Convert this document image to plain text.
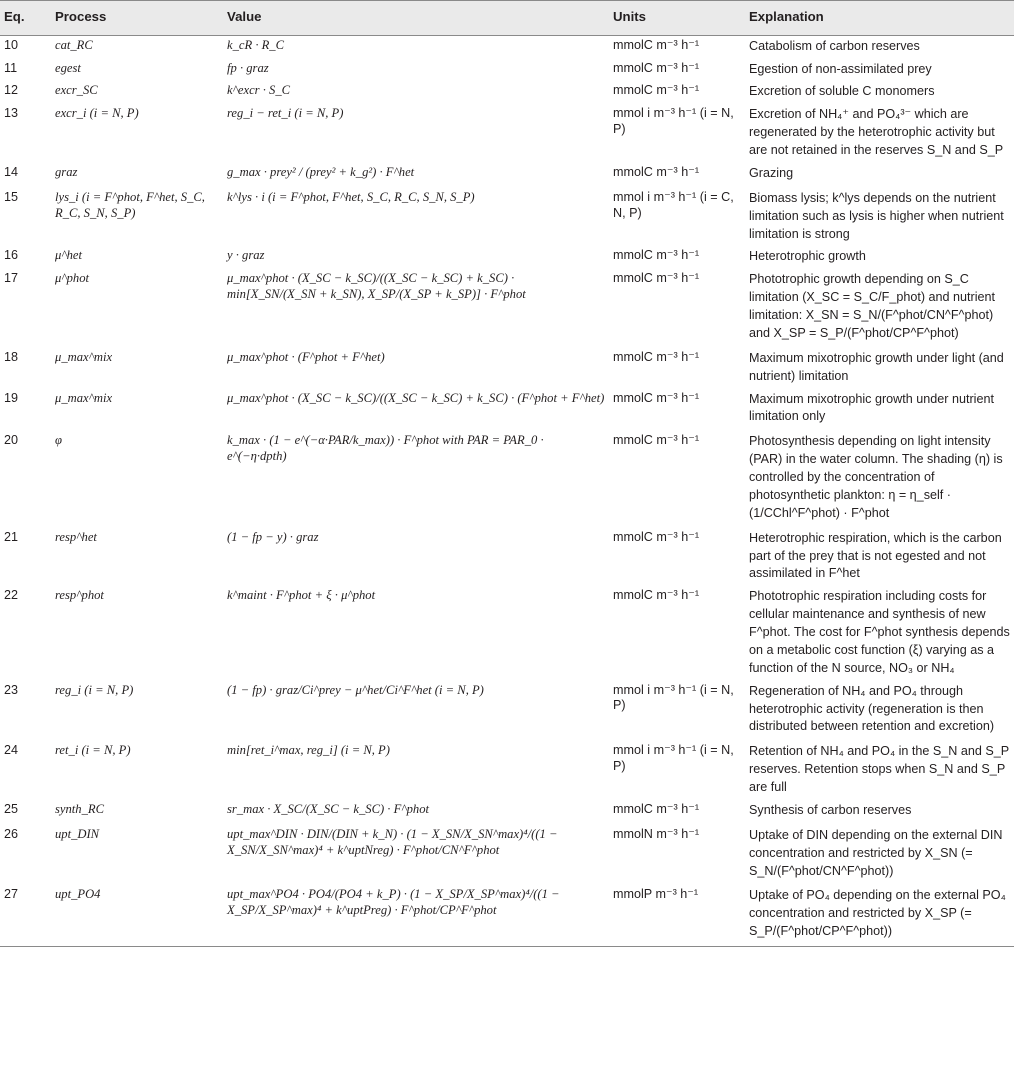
Eq.	Process	Value	Units	Explanation
10	cat_RC	k_cR · R_C	mmolC m⁻³ h⁻¹	Catabolism of carbon reserves
11	egest	fp · graz	mmolC m⁻³ h⁻¹	Egestion of non-assimilated prey
12	excr_SC	k^excr · S_C	mmolC m⁻³ h⁻¹	Excretion of soluble C monomers
13	excr_i (i = N, P)	reg_i − ret_i (i = N, P)	mmol i m⁻³ h⁻¹ (i = N, P)	Excretion of NH₄⁺ and PO₄³⁻ which are regenerated by the heterotrophic activity but are not retained in the reserves S_N and S_P
14	graz	g_max · prey² / (prey² + k_g²) · F^het	mmolC m⁻³ h⁻¹	Grazing
15	lys_i (i = F^phot, F^het, S_C, R_C, S_N, S_P)	k^lys · i (i = F^phot, F^het, S_C, R_C, S_N, S_P)	mmol i m⁻³ h⁻¹ (i = C, N, P)	Biomass lysis; k^lys depends on the nutrient limitation such as lysis is higher when nutrient limitation is strong
16	μ^het	y · graz	mmolC m⁻³ h⁻¹	Heterotrophic growth
17	μ^phot	μ_max^phot · (X_SC − k_SC)/((X_SC − k_SC) + k_SC) · min[X_SN/(X_SN + k_SN), X_SP/(X_SP + k_SP)] · F^phot	mmolC m⁻³ h⁻¹	Phototrophic growth depending on S_C limitation (X_SC = S_C/F_phot) and nutrient limitation: X_SN = S_N/(F^phot/CN^F^phot) and X_SP = S_P/(F^phot/CP^F^phot)
18	μ_max^mix	μ_max^phot · (F^phot + F^het)	mmolC m⁻³ h⁻¹	Maximum mixotrophic growth under light (and nutrient) limitation
19	μ_max^mix	μ_max^phot · (X_SC − k_SC)/((X_SC − k_SC) + k_SC) · (F^phot + F^het)	mmolC m⁻³ h⁻¹	Maximum mixotrophic growth under nutrient limitation only
20	φ	k_max · (1 − e^(−α·PAR/k_max)) · F^phot with PAR = PAR_0 · e^(−η·dpth)	mmolC m⁻³ h⁻¹	Photosynthesis depending on light intensity (PAR) in the water column. The shading (η) is controlled by the concentration of photosynthetic plankton: η = η_self · (1/CChl^F^phot) · F^phot
21	resp^het	(1 − fp − y) · graz	mmolC m⁻³ h⁻¹	Heterotrophic respiration, which is the carbon part of the prey that is not egested and not assimilated in F^het
22	resp^phot	k^maint · F^phot + ξ · μ^phot	mmolC m⁻³ h⁻¹	Phototrophic respiration including costs for cellular maintenance and synthesis of new F^phot. The cost for F^phot synthesis depends on a metabolic cost function (ξ) varying as a function of the N source, NO₃ or NH₄
23	reg_i (i = N, P)	(1 − fp) · graz/Ci^prey − μ^het/Ci^F^het (i = N, P)	mmol i m⁻³ h⁻¹ (i = N, P)	Regeneration of NH₄ and PO₄ through heterotrophic activity (regeneration is then distributed between retention and excretion)
24	ret_i (i = N, P)	min[ret_i^max, reg_i] (i = N, P)	mmol i m⁻³ h⁻¹ (i = N, P)	Retention of NH₄ and PO₄ in the S_N and S_P reserves. Retention stops when S_N and S_P are full
25	synth_RC	sr_max · X_SC/(X_SC − k_SC) · F^phot	mmolC m⁻³ h⁻¹	Synthesis of carbon reserves
26	upt_DIN	upt_max^DIN · DIN/(DIN + k_N) · (1 − X_SN/X_SN^max)⁴/((1 − X_SN/X_SN^max)⁴ + k^uptNreg) · F^phot/CN^F^phot	mmolN m⁻³ h⁻¹	Uptake of DIN depending on the external DIN concentration and restricted by X_SN (= S_N/(F^phot/CN^F^phot))
27	upt_PO4	upt_max^PO4 · PO4/(PO4 + k_P) · (1 − X_SP/X_SP^max)⁴/((1 − X_SP/X_SP^max)⁴ + k^uptPreg) · F^phot/CP^F^phot	mmolP m⁻³ h⁻¹	Uptake of PO₄ depending on the external PO₄ concentration and restricted by X_SP (= S_P/(F^phot/CP^F^phot))
